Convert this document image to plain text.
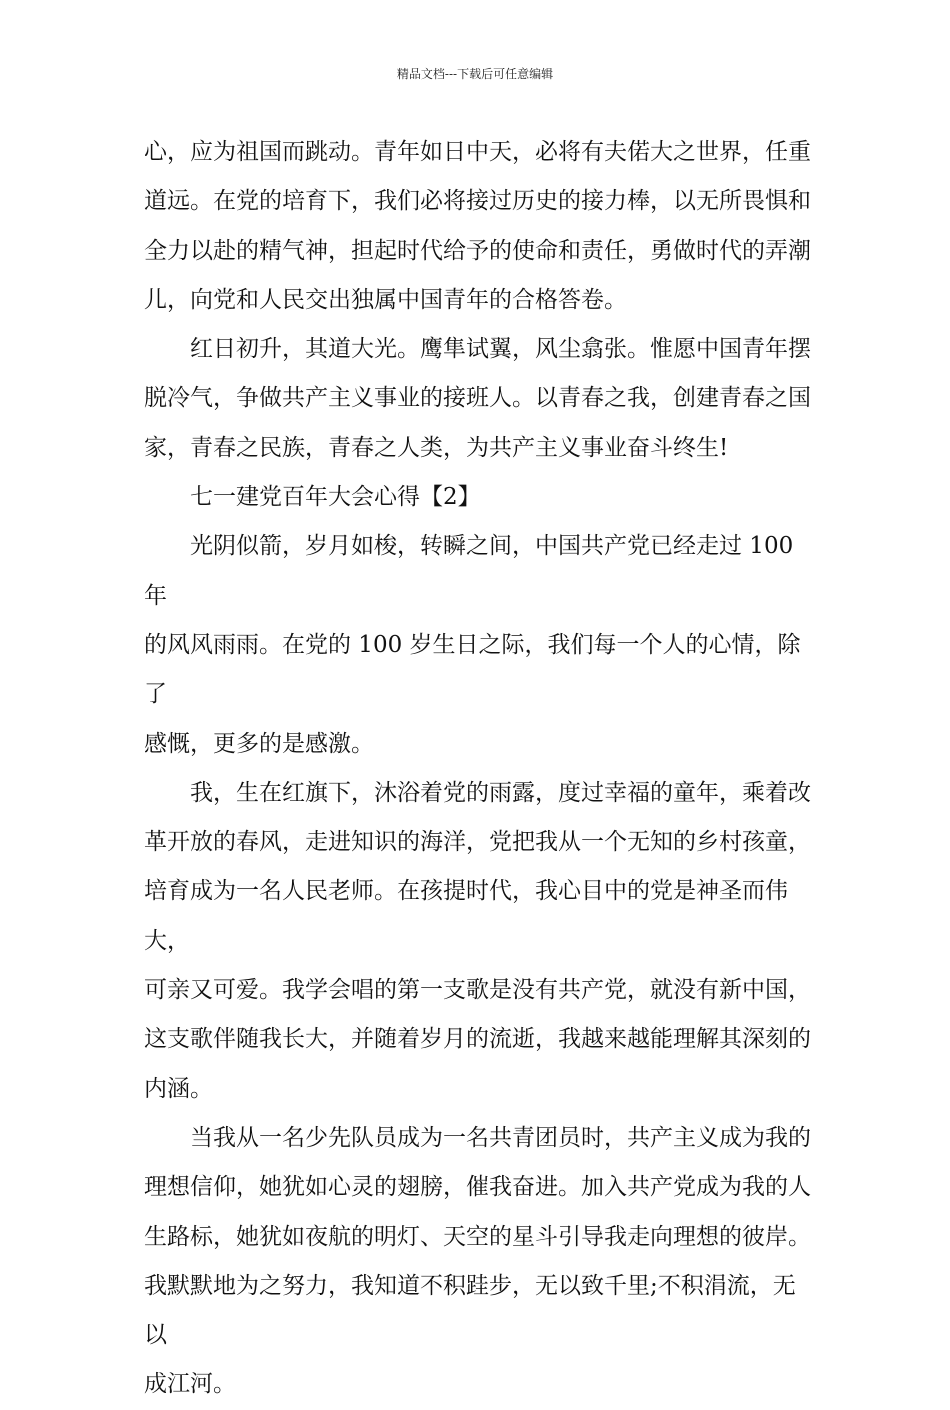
精品文档---下载后可任意编辑

心，应为祖国而跳动。青年如日中天，必将有夫偌大之世界，任重
道远。在党的培育下，我们必将接过历史的接力棒，以无所畏惧和
全力以赴的精气神，担起时代给予的使命和责任，勇做时代的弄潮
儿，向党和人民交出独属中国青年的合格答卷。

红日初升，其道大光。鹰隼试翼，风尘翕张。惟愿中国青年摆
脱冷气，争做共产主义事业的接班人。以青春之我，创建青春之国
家，青春之民族，青春之人类，为共产主义事业奋斗终生!

七一建党百年大会心得【2】

光阴似箭，岁月如梭，转瞬之间，中国共产党已经走过 100 年
的风风雨雨。在党的 100 岁生日之际，我们每一个人的心情，除了
感慨，更多的是感激。

我，生在红旗下，沐浴着党的雨露，度过幸福的童年，乘着改
革开放的春风，走进知识的海洋，党把我从一个无知的乡村孩童，
培育成为一名人民老师。在孩提时代，我心目中的党是神圣而伟大，
可亲又可爱。我学会唱的第一支歌是没有共产党，就没有新中国，
这支歌伴随我长大，并随着岁月的流逝，我越来越能理解其深刻的
内涵。

当我从一名少先队员成为一名共青团员时，共产主义成为我的
理想信仰，她犹如心灵的翅膀，催我奋进。加入共产党成为我的人
生路标，她犹如夜航的明灯、天空的星斗引导我走向理想的彼岸。
我默默地为之努力，我知道不积跬步，无以致千里;不积涓流，无以
成江河。
